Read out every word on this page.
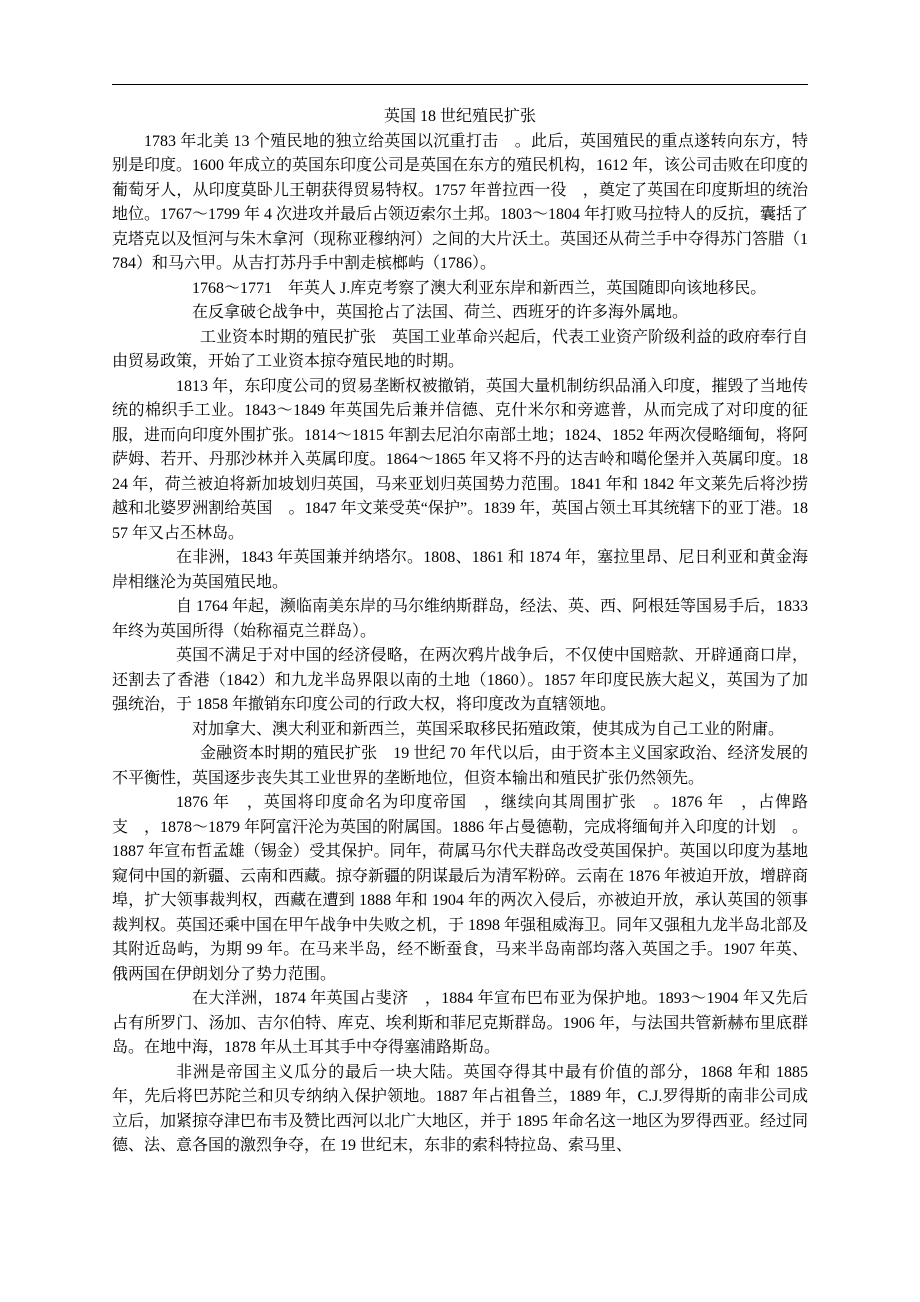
英国 18 世纪殖民扩张

1783 年北美 13 个殖民地的独立给英国以沉重打击　。此后，英国殖民的重点遂转向东方，特别是印度。1600 年成立的英国东印度公司是英国在东方的殖民机构，1612 年，该公司击败在印度的葡萄牙人，从印度莫卧儿王朝获得贸易特权。1757 年普拉西一役　，奠定了英国在印度斯坦的统治地位。1767～1799 年 4 次进攻并最后占领迈索尔土邦。1803～1804 年打败马拉特人的反抗，囊括了克塔克以及恒河与朱木拿河（现称亚穆纳河）之间的大片沃土。英国还从荷兰手中夺得苏门答腊（1784）和马六甲。从吉打苏丹手中割走槟榔屿（1786）。

1768～1771　年英人 J.库克考察了澳大利亚东岸和新西兰，英国随即向该地移民。

在反拿破仑战争中，英国抢占了法国、荷兰、西班牙的许多海外属地。

工业资本时期的殖民扩张　英国工业革命兴起后，代表工业资产阶级利益的政府奉行自由贸易政策，开始了工业资本掠夺殖民地的时期。

1813 年，东印度公司的贸易垄断权被撤销，英国大量机制纺织品涌入印度，摧毁了当地传统的棉织手工业。1843～1849 年英国先后兼并信德、克什米尔和旁遮普，从而完成了对印度的征服，进而向印度外围扩张。1814～1815 年割去尼泊尔南部土地；1824、1852 年两次侵略缅甸，将阿萨姆、若开、丹那沙林并入英属印度。1864～1865 年又将不丹的达吉岭和噶伦堡并入英属印度。1824 年，荷兰被迫将新加坡划归英国，马来亚划归英国势力范围。1841 年和 1842 年文莱先后将沙捞越和北婆罗洲割给英国　。1847 年文莱受英“保护”。1839 年，英国占领土耳其统辖下的亚丁港。1857 年又占丕林岛。

在非洲，1843 年英国兼并纳塔尔。1808、1861 和 1874 年，塞拉里昂、尼日利亚和黄金海岸相继沦为英国殖民地。

自 1764 年起，濒临南美东岸的马尔维纳斯群岛，经法、英、西、阿根廷等国易手后，1833 年终为英国所得（始称福克兰群岛）。

英国不满足于对中国的经济侵略，在两次鸦片战争后，不仅使中国赔款、开辟通商口岸，还割去了香港（1842）和九龙半岛界限以南的土地（1860）。1857 年印度民族大起义，英国为了加强统治，于 1858 年撤销东印度公司的行政大权，将印度改为直辖领地。

对加拿大、澳大利亚和新西兰，英国采取移民拓殖政策，使其成为自己工业的附庸。

金融资本时期的殖民扩张　19 世纪 70 年代以后，由于资本主义国家政治、经济发展的不平衡性，英国逐步丧失其工业世界的垄断地位，但资本输出和殖民扩张仍然领先。

1876 年　，英国将印度命名为印度帝国　，继续向其周围扩张　。1876 年　，占俾路支　，1878～1879 年阿富汗沦为英国的附属国。1886 年占曼德勒，完成将缅甸并入印度的计划　。1887 年宣布哲孟雄（锡金）受其保护。同年，荷属马尔代夫群岛改受英国保护。英国以印度为基地窥伺中国的新疆、云南和西藏。掠夺新疆的阴谋最后为清军粉碎。云南在 1876 年被迫开放，增辟商埠，扩大领事裁判权，西藏在遭到 1888 年和 1904 年的两次入侵后，亦被迫开放，承认英国的领事裁判权。英国还乘中国在甲午战争中失败之机，于 1898 年强租威海卫。同年又强租九龙半岛北部及其附近岛屿，为期 99 年。在马来半岛，经不断蚕食，马来半岛南部均落入英国之手。1907 年英、俄两国在伊朗划分了势力范围。

在大洋洲，1874 年英国占斐济　，1884 年宣布巴布亚为保护地。1893～1904 年又先后占有所罗门、汤加、吉尔伯特、库克、埃利斯和菲尼克斯群岛。1906 年，与法国共管新赫布里底群岛。在地中海，1878 年从土耳其手中夺得塞浦路斯岛。

非洲是帝国主义瓜分的最后一块大陆。英国夺得其中最有价值的部分，1868 年和 1885 年，先后将巴苏陀兰和贝专纳纳入保护领地。1887 年占祖鲁兰，1889 年，C.J.罗得斯的南非公司成立后，加紧掠夺津巴布韦及赞比西河以北广大地区，并于 1895 年命名这一地区为罗得西亚。经过同德、法、意各国的激烈争夺，在 19 世纪末，东非的索科特拉岛、索马里、
